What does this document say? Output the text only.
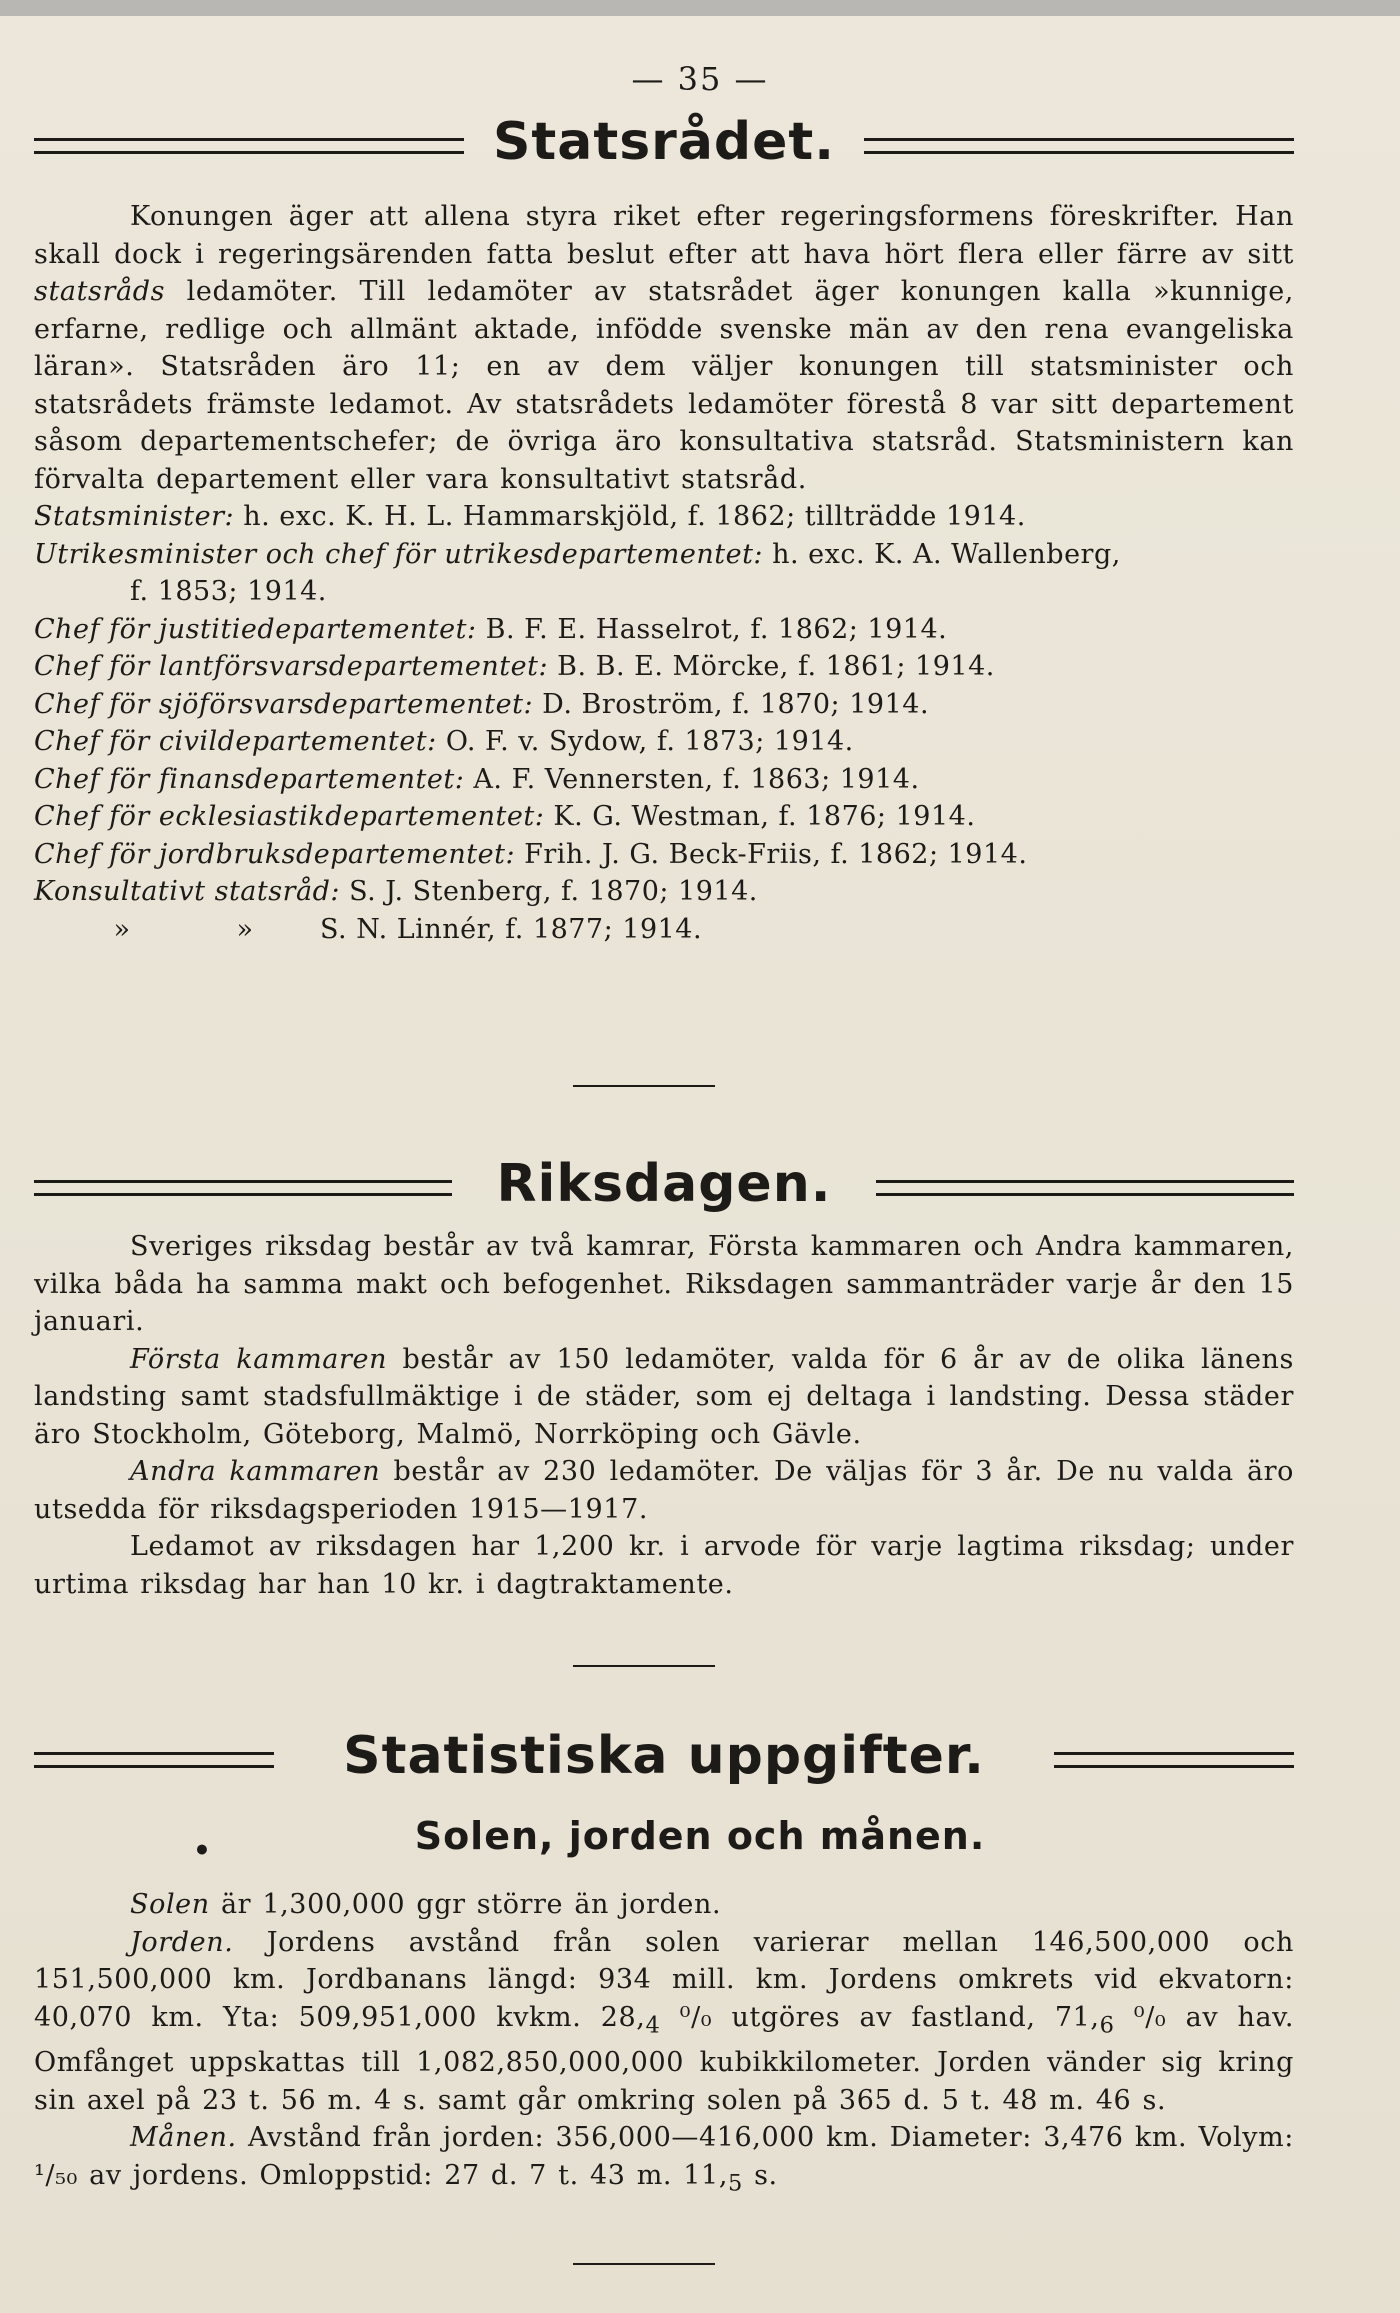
— 35 —
Statsrådet.

Konungen äger att allena styra riket efter regeringsformens föreskrifter. Han skall dock i regeringsärenden fatta beslut efter att hava hört flera eller färre av sitt statsråds ledamöter. Till ledamöter av statsrådet äger konungen kalla »kunnige, erfarne, redlige och allmänt aktade, infödde svenske män av den rena evangeliska läran». Statsråden äro 11; en av dem väljer konungen till statsminister och statsrådets främste ledamot. Av statsrådets ledamöter förestå 8 var sitt departement såsom departementschefer; de övriga äro konsultativa statsråd. Statsministern kan förvalta departement eller vara konsultativt statsråd.

Statsminister: h. exc. K. H. L. Hammarskjöld, f. 1862; tillträdde 1914.
Utrikesminister och chef för utrikesdepartementet: h. exc. K. A. Wallenberg,
f. 1853; 1914.
Chef för justitiedepartementet: B. F. E. Hasselrot, f. 1862; 1914.
Chef för lantförsvarsdepartementet: B. B. E. Mörcke, f. 1861; 1914.
Chef för sjöförsvarsdepartementet: D. Broström, f. 1870; 1914.
Chef för civildepartementet: O. F. v. Sydow, f. 1873; 1914.
Chef för finansdepartementet: A. F. Vennersten, f. 1863; 1914.
Chef för ecklesiastikdepartementet: K. G. Westman, f. 1876; 1914.
Chef för jordbruksdepartementet: Frih. J. G. Beck-Friis, f. 1862; 1914.
Konsultativt statsråd: S. J. Stenberg, f. 1870; 1914.
»	»	S. N. Linnér, f. 1877; 1914.
Riksdagen.

Sveriges riksdag består av två kamrar, Första kammaren och Andra kammaren, vilka båda ha samma makt och befogenhet. Riksdagen sammanträder varje år den 15 januari.

Första kammaren består av 150 ledamöter, valda för 6 år av de olika länens landsting samt stadsfullmäktige i de städer, som ej deltaga i landsting. Dessa städer äro Stockholm, Göteborg, Malmö, Norrköping och Gävle.

Andra kammaren består av 230 ledamöter. De väljas för 3 år. De nu valda äro utsedda för riksdagsperioden 1915—1917.

Ledamot av riksdagen har 1,200 kr. i arvode för varje lagtima riksdag; under urtima riksdag har han 10 kr. i dagtraktamente.

Statistiska uppgifter.
•	Solen, jorden och månen.

Solen är 1,300,000 ggr större än jorden.

Jorden. Jordens avstånd från solen varierar mellan 146,500,000 och 151,500,000 km. Jordbanans längd: 934 mill. km. Jordens omkrets vid ekvatorn: 40,070 km. Yta: 509,951,000 kvkm. $28,_4$ ⁰/₀ utgöres av fastland, $71,_6$ ⁰/₀ av hav. Omfånget uppskattas till 1,082,850,000,000 kubikkilometer. Jorden vänder sig kring sin axel på 23 t. 56 m. 4 s. samt går omkring solen på 365 d. 5 t. 48 m. 46 s.

Månen. Avstånd från jorden: 356,000—416,000 km. Diameter: 3,476 km. Volym: ¹/₅₀ av jordens. Omloppstid: 27 d. 7 t. 43 m. $11,_5$ s.
